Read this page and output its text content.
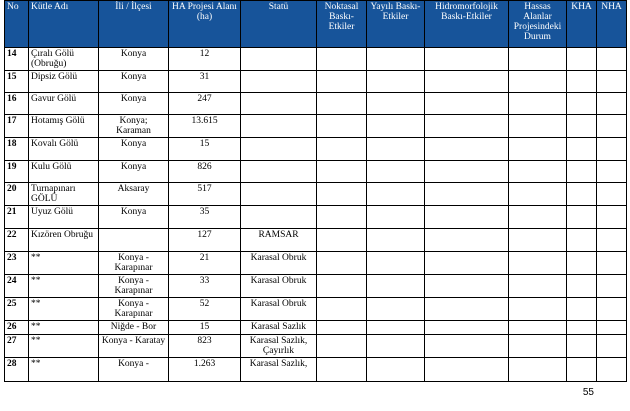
No	Kütle Adı	İli / İlçesi	HA Projesi Alanı (ha)	Statü	Noktasal Baskı-Etkiler	Yayılı Baskı-Etkiler	Hidromorfolojik Baskı-Etkiler	Hassas Alanlar Projesindeki Durum	KHA	NHA
14	Çıralı Gölü (Obruğu)	Konya	12							
15	Dipsiz Gölü	Konya	31							
16	Gavur Gölü	Konya	247							
17	Hotamış Gölü	Konya; Karaman	13.615							
18	Kovalı Gölü	Konya	15							
19	Kulu Gölü	Konya	826							
20	Turnapınarı GÖLÜ	Aksaray	517							
21	Uyuz Gölü	Konya	35							
22	Kızören Obruğu		127	RAMSAR						
23	**	Konya - Karapınar	21	Karasal Obruk						
24	**	Konya - Karapınar	33	Karasal Obruk						
25	**	Konya - Karapınar	52	Karasal Obruk						
26	**	Niğde - Bor	15	Karasal Sazlık						
27	**	Konya - Karatay	823	Karasal Sazlık, Çayırlık						
28	**	Konya -	1.263	Karasal Sazlık,						
55
